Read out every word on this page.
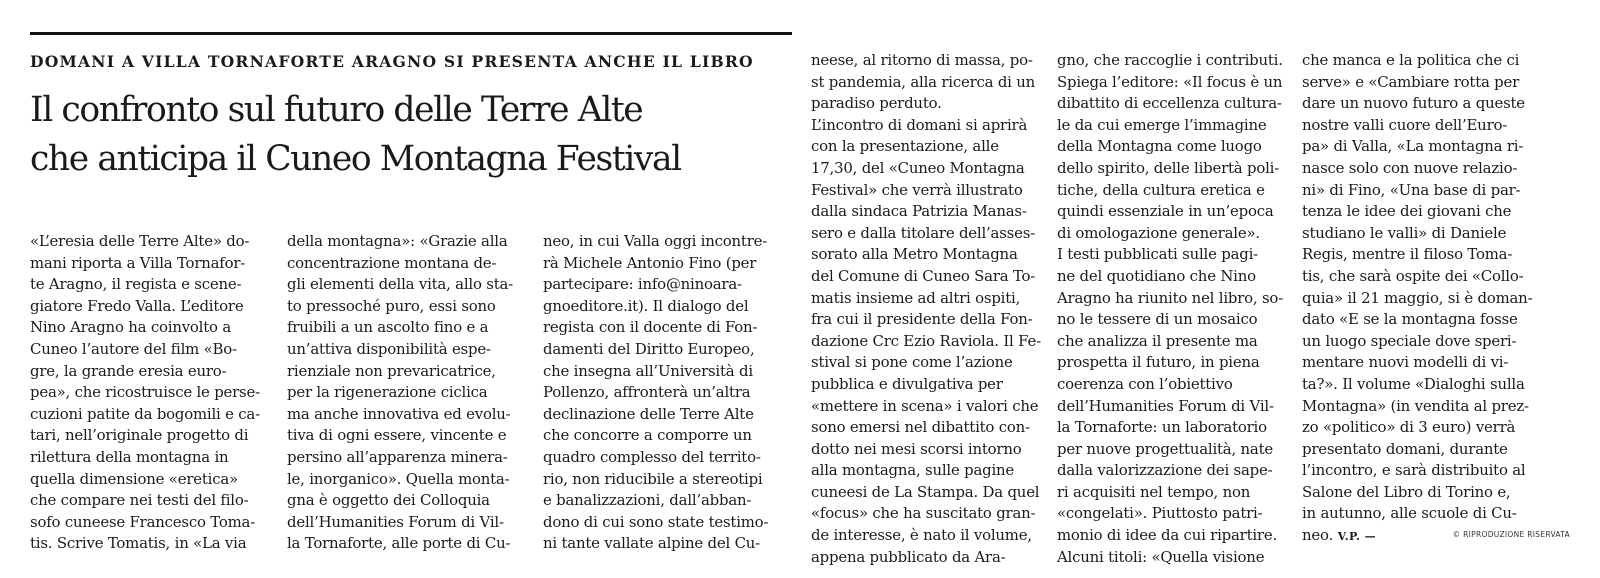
DOMANI A VILLA TORNAFORTE ARAGNO SI PRESENTA ANCHE IL LIBRO
Il confronto sul futuro delle Terre Alte
che anticipa il Cuneo Montagna Festival
«L’eresia delle Terre Alte» do-
mani riporta a Villa Tornafor-
te Aragno, il regista e scene-
giatore Fredo Valla. L’editore
Nino Aragno ha coinvolto a
Cuneo l’autore del film «Bo-
gre, la grande eresia euro-
pea», che ricostruisce le perse-
cuzioni patite da bogomili e ca-
tari, nell’originale progetto di
rilettura della montagna in
quella dimensione «eretica»
che compare nei testi del filo-
sofo cuneese Francesco Toma-
tis. Scrive Tomatis, in «La via
della montagna»: «Grazie alla
concentrazione montana de-
gli elementi della vita, allo sta-
to pressoché puro, essi sono
fruibili a un ascolto fino e a
un’attiva disponibilità espe-
rienziale non prevaricatrice,
per la rigenerazione ciclica
ma anche innovativa ed evolu-
tiva di ogni essere, vincente e
persino all’apparenza minera-
le, inorganico». Quella monta-
gna è oggetto dei Colloquia
dell’Humanities Forum di Vil-
la Tornaforte, alle porte di Cu-
neo, in cui Valla oggi incontre-
rà Michele Antonio Fino (per
partecipare: info@ninoara-
gnoeditore.it). Il dialogo del
regista con il docente di Fon-
damenti del Diritto Europeo,
che insegna all’Università di
Pollenzo, affronterà un’altra
declinazione delle Terre Alte
che concorre a comporre un
quadro complesso del territo-
rio, non riducibile a stereotipi
e banalizzazioni, dall’abban-
dono di cui sono state testimo-
ni tante vallate alpine del Cu-
neese, al ritorno di massa, po-
st pandemia, alla ricerca di un
paradiso perduto.
L’incontro di domani si aprirà
con la presentazione, alle
17,30, del «Cuneo Montagna
Festival» che verrà illustrato
dalla sindaca Patrizia Manas-
sero e dalla titolare dell’asses-
sorato alla Metro Montagna
del Comune di Cuneo Sara To-
matis insieme ad altri ospiti,
fra cui il presidente della Fon-
dazione Crc Ezio Raviola. Il Fe-
stival si pone come l’azione
pubblica e divulgativa per
«mettere in scena» i valori che
sono emersi nel dibattito con-
dotto nei mesi scorsi intorno
alla montagna, sulle pagine
cuneesi de La Stampa. Da quel
«focus» che ha suscitato gran-
de interesse, è nato il volume,
appena pubblicato da Ara-
gno, che raccoglie i contributi.
Spiega l’editore: «Il focus è un
dibattito di eccellenza cultura-
le da cui emerge l’immagine
della Montagna come luogo
dello spirito, delle libertà poli-
tiche, della cultura eretica e
quindi essenziale in un’epoca
di omologazione generale».
I testi pubblicati sulle pagi-
ne del quotidiano che Nino
Aragno ha riunito nel libro, so-
no le tessere di un mosaico
che analizza il presente ma
prospetta il futuro, in piena
coerenza con l’obiettivo
dell’Humanities Forum di Vil-
la Tornaforte: un laboratorio
per nuove progettualità, nate
dalla valorizzazione dei sape-
ri acquisiti nel tempo, non
«congelati». Piuttosto patri-
monio di idee da cui ripartire.
Alcuni titoli: «Quella visione
che manca e la politica che ci
serve» e «Cambiare rotta per
dare un nuovo futuro a queste
nostre valli cuore dell’Euro-
pa» di Valla, «La montagna ri-
nasce solo con nuove relazio-
ni» di Fino, «Una base di par-
tenza le idee dei giovani che
studiano le valli» di Daniele
Regis, mentre il filoso Toma-
tis, che sarà ospite dei «Collo-
quia» il 21 maggio, si è doman-
dato «E se la montagna fosse
un luogo speciale dove speri-
mentare nuovi modelli di vi-
ta?». Il volume «Dialoghi sulla
Montagna» (in vendita al prez-
zo «politico» di 3 euro) verrà
presentato domani, durante
l’incontro, e sarà distribuito al
Salone del Libro di Torino e,
in autunno, alle scuole di Cu-
neo. V.P. —	© RIPRODUZIONE RISERVATA
